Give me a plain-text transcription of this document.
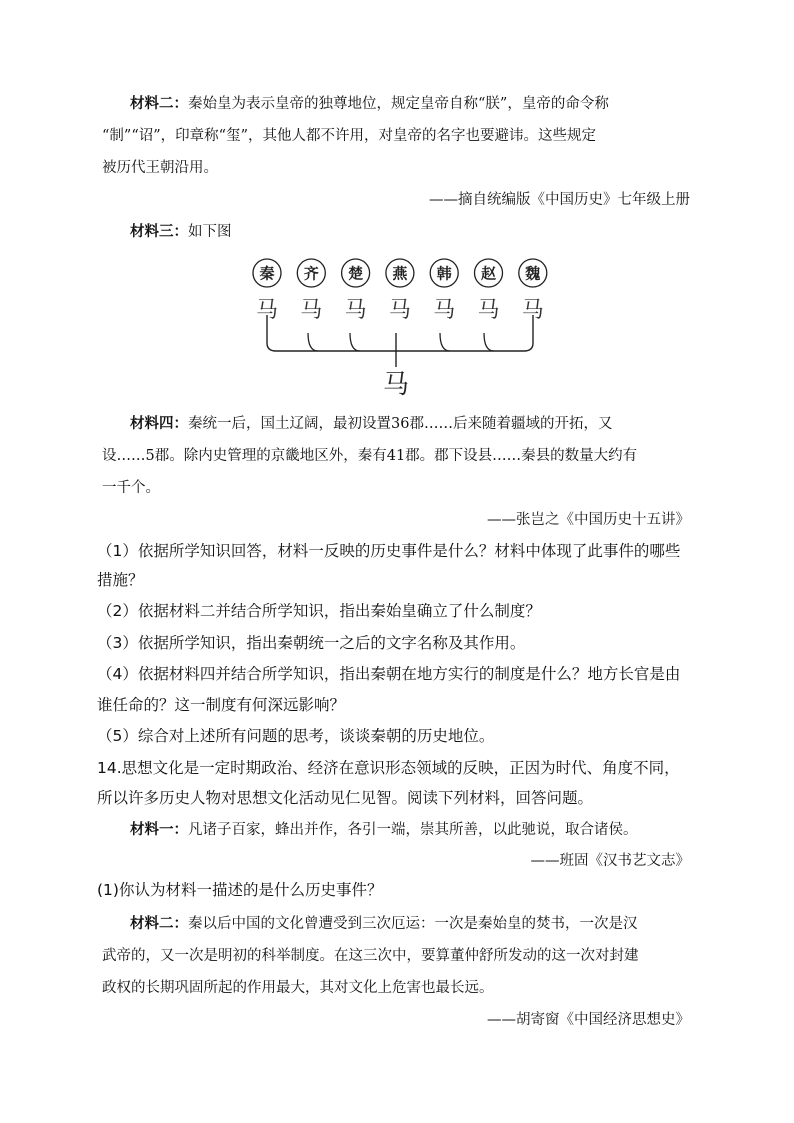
材料二：秦始皇为表示皇帝的独尊地位，规定皇帝自称“朕”，皇帝的命令称
“制”“诏”，印章称“玺”，其他人都不许用，对皇帝的名字也要避讳。这些规定
被历代王朝沿用。
——摘自统编版《中国历史》七年级上册
材料三：如下图
秦 齐 楚 燕 韩 赵 魏
马 马 马 马 马 马 马
马
材料四：秦统一后，国土辽阔，最初设置36郡……后来随着疆域的开拓，又
设……5郡。除内史管理的京畿地区外，秦有41郡。郡下设县……秦县的数量大约有
一千个。
——张岂之《中国历史十五讲》
（1）依据所学知识回答，材料一反映的历史事件是什么？材料中体现了此事件的哪些
措施？
（2）依据材料二并结合所学知识，指出秦始皇确立了什么制度？
（3）依据所学知识，指出秦朝统一之后的文字名称及其作用。
（4）依据材料四并结合所学知识，指出秦朝在地方实行的制度是什么？地方长官是由
谁任命的？这一制度有何深远影响？
（5）综合对上述所有问题的思考，谈谈秦朝的历史地位。
14.思想文化是一定时期政治、经济在意识形态领域的反映，正因为时代、角度不同，
所以许多历史人物对思想文化活动见仁见智。阅读下列材料，回答问题。
材料一：凡诸子百家，蜂出并作，各引一端，崇其所善，以此驰说，取合诸侯。
——班固《汉书艺文志》
(1)你认为材料一描述的是什么历史事件？
材料二：秦以后中国的文化曾遭受到三次厄运：一次是秦始皇的焚书，一次是汉
武帝的，又一次是明初的科举制度。在这三次中，要算董仲舒所发动的这一次对封建
政权的长期巩固所起的作用最大，其对文化上危害也最长远。
——胡寄窗《中国经济思想史》
